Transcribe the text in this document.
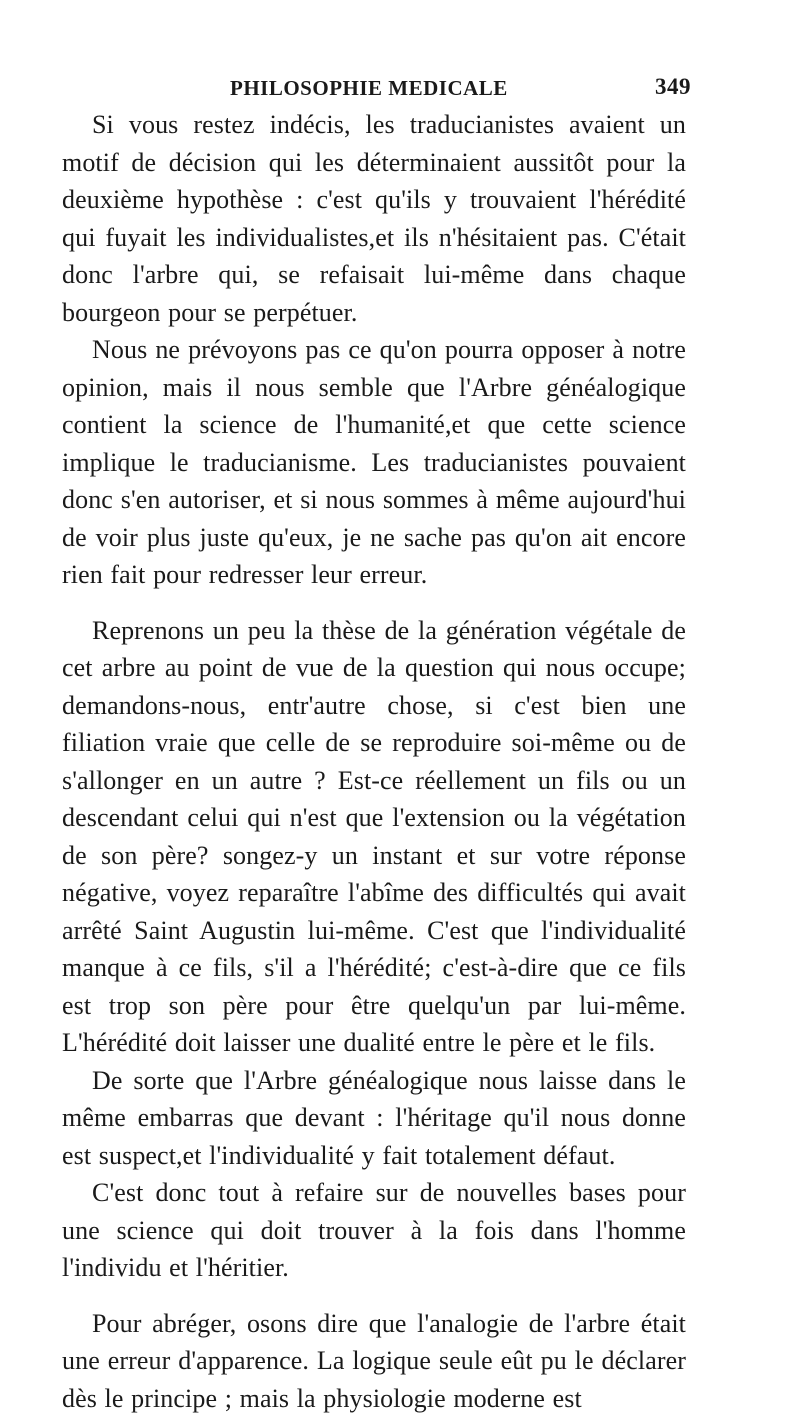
PHILOSOPHIE MEDICALE	349

Si vous restez indécis, les traducianistes avaient un motif de décision qui les déterminaient aussitôt pour la deuxième hypothèse : c'est qu'ils y trouvaient l'hérédité qui fuyait les individualistes,et ils n'hésitaient pas. C'était donc l'arbre qui, se refaisait lui-même dans chaque bourgeon pour se perpétuer.

Nous ne prévoyons pas ce qu'on pourra opposer à notre opinion, mais il nous semble que l'Arbre généalogique contient la science de l'humanité,et que cette science implique le traducianisme. Les traducianistes pouvaient donc s'en autoriser, et si nous sommes à même aujourd'hui de voir plus juste qu'eux, je ne sache pas qu'on ait encore rien fait pour redresser leur erreur.

Reprenons un peu la thèse de la génération végétale de cet arbre au point de vue de la question qui nous occupe; demandons-nous, entr'autre chose, si c'est bien une filiation vraie que celle de se reproduire soi-même ou de s'allonger en un autre ? Est-ce réellement un fils ou un descendant celui qui n'est que l'extension ou la végétation de son père? songez-y un instant et sur votre réponse négative, voyez reparaître l'abîme des difficultés qui avait arrêté Saint Augustin lui-même. C'est que l'individualité manque à ce fils, s'il a l'hérédité; c'est-à-dire que ce fils est trop son père pour être quelqu'un par lui-même. L'hérédité doit laisser une dualité entre le père et le fils.

De sorte que l'Arbre généalogique nous laisse dans le même embarras que devant : l'héritage qu'il nous donne est suspect,et l'individualité y fait totalement défaut.

C'est donc tout à refaire sur de nouvelles bases pour une science qui doit trouver à la fois dans l'homme l'individu et l'héritier.

Pour abréger, osons dire que l'analogie de l'arbre était une erreur d'apparence. La logique seule eût pu le déclarer dès le principe ; mais la physiologie moderne est
